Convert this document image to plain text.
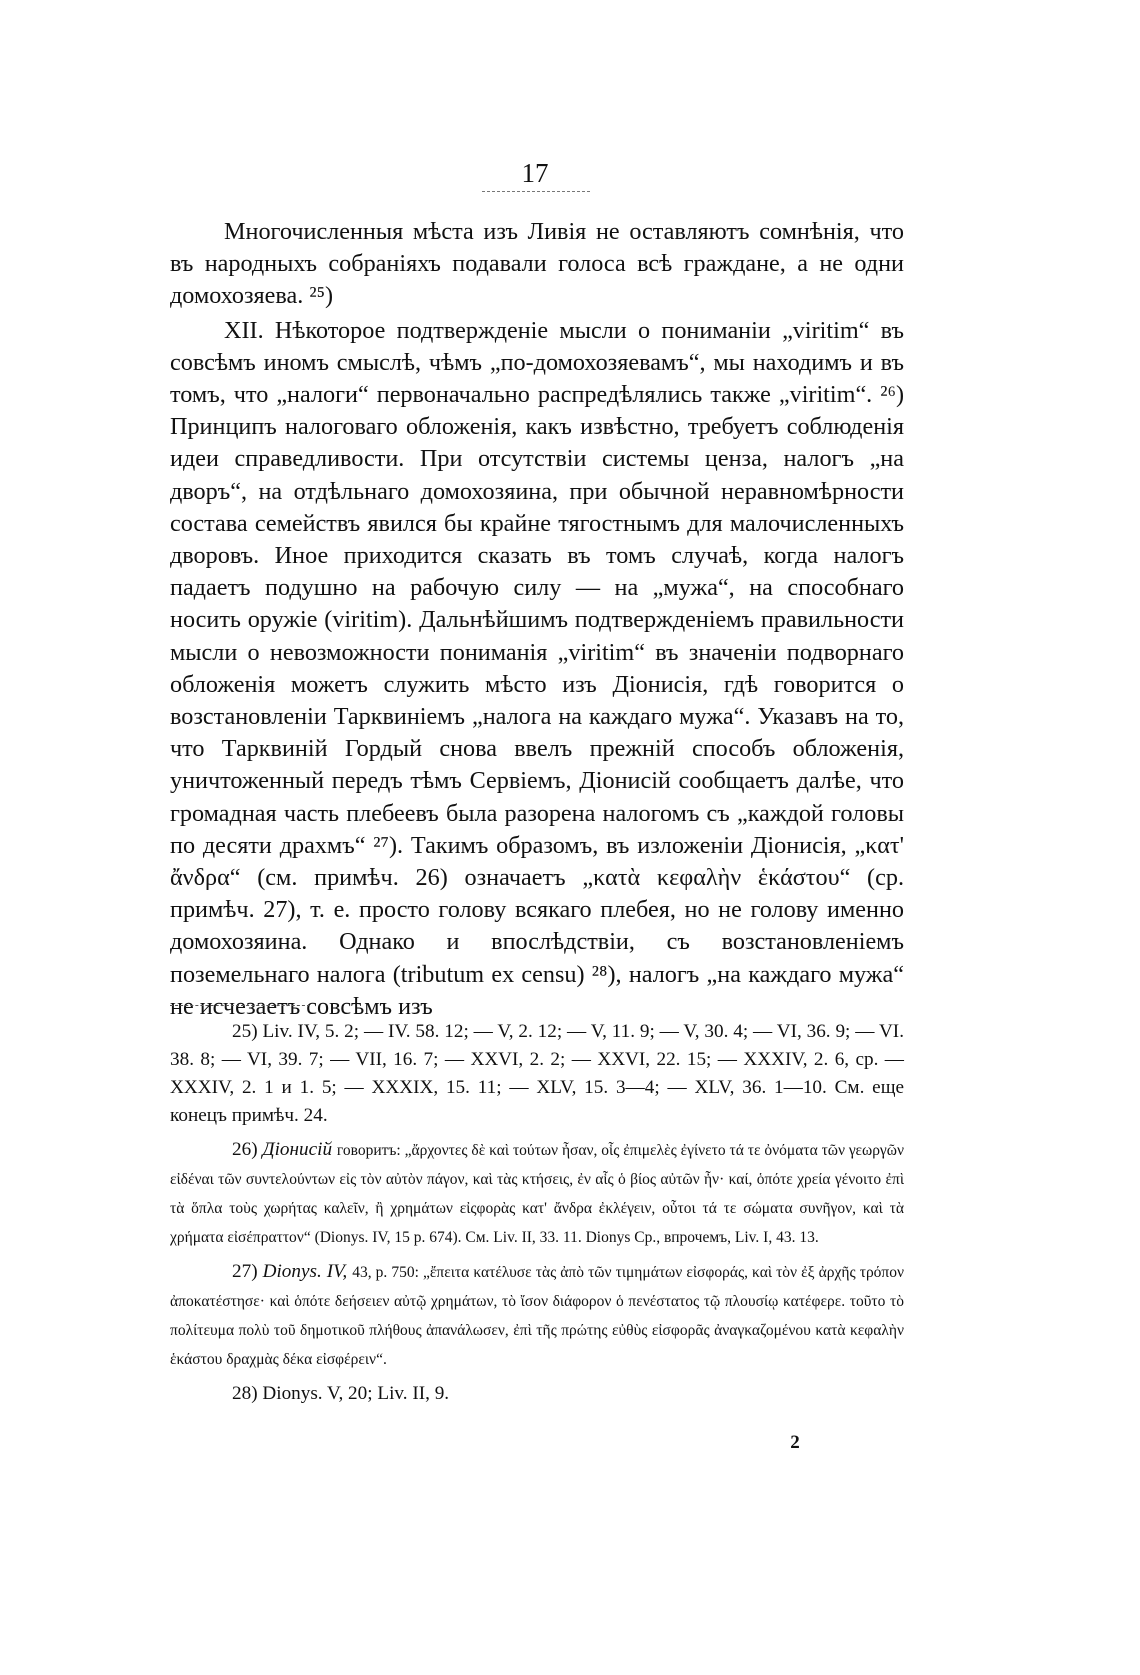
17

Многочисленныя мѣста изъ Ливія не оставляютъ сомнѣнія, что въ народныхъ собраніяхъ подавали голоса всѣ граждане, а не одни домохозяева. ²⁵)

XII. Нѣкоторое подтвержденіе мысли о пониманіи „viritim“ въ совсѣмъ иномъ смыслѣ, чѣмъ „по-домохозяевамъ“, мы находимъ и въ томъ, что „налоги“ первоначально распредѣлялись также „viritim“. ²⁶) Принципъ налоговаго обложенія, какъ извѣстно, требуетъ соблюденія идеи справедливости. При отсутствіи системы ценза, налогъ „на дворъ“, на отдѣльнаго домохозяина, при обычной неравномѣрности состава семействъ явился бы крайне тягостнымъ для малочисленныхъ дворовъ. Иное приходится сказать въ томъ случаѣ, когда налогъ падаетъ подушно на рабочую силу — на „мужа“, на способнаго носить оружіе (viritim). Дальнѣйшимъ подтвержденіемъ правильности мысли о невозможности пониманія „viritim“ въ значеніи подворнаго обложенія можетъ служить мѣсто изъ Діонисія, гдѣ говорится о возстановленіи Тарквиніемъ „налога на каждаго мужа“. Указавъ на то, что Тарквиній Гордый снова ввелъ прежній способъ обложенія, уничтоженный передъ тѣмъ Сервіемъ, Діонисій сообщаетъ далѣе, что громадная часть плебеевъ была разорена налогомъ съ „каждой головы по десяти драхмъ“ ²⁷). Такимъ образомъ, въ изложеніи Діонисія, „κατ' ἄνδρα“ (см. примѣч. 26) означаетъ „κατὰ κεφαλὴν ἑκάστου“ (ср. примѣч. 27), т. е. просто голову всякаго плебея, но не голову именно домохозяина. Однако и впослѣдствіи, съ возстановленіемъ поземельнаго налога (tributum ex censu) ²⁸), налогъ „на каждаго мужа“ не исчезаетъ совсѣмъ изъ

25) Liv. IV, 5. 2; — IV. 58. 12; — V, 2. 12; — V, 11. 9; — V, 30. 4; — VI, 36. 9; — VI. 38. 8; — VI, 39. 7; — VII, 16. 7; — XXVI, 2. 2; — XXVI, 22. 15; — XXXIV, 2. 6, ср. — XXXIV, 2. 1 и 1. 5; — XXXIX, 15. 11; — XLV, 15. 3—4; — XLV, 36. 1—10. См. еще конецъ примѣч. 24.

26) Діонисій говоритъ: „ἄρχοντες δὲ καὶ τούτων ἦσαν, οἷς ἐπιμελὲς ἐγίνετο τά τε ὀνόματα τῶν γεωργῶν εἰδέναι τῶν συντελούντων εἰς τὸν αὐτὸν πάγον, καὶ τὰς κτήσεις, ἐν αἷς ὁ βίος αὐτῶν ἦν· καί, ὁπότε χρεία γένοιτο ἐπὶ τὰ ὅπλα τοὺς χωρήτας καλεῖν, ἢ χρημάτων εἰςφορὰς κατ' ἄνδρα ἐκλέγειν, οὗτοι τά τε σώματα συνῆγον, καὶ τὰ χρήματα εἰσέπραττον“ (Dionys. IV, 15 p. 674). См. Liv. II, 33. 11. Dionys Ср., впрочемъ, Liv. I, 43. 13.

27) Dionys. IV, 43, p. 750: „ἔπειτα κατέλυσε τὰς ἀπὸ τῶν τιμημάτων εἰσφοράς, καὶ τὸν ἐξ ἀρχῆς τρόπον ἀποκατέστησε· καὶ ὁπότε δεήσειεν αὐτῷ χρημάτων, τὸ ἴσον διάφορον ὁ πενέστατος τῷ πλουσίῳ κατέφερε. τοῦτο τὸ πολίτευμα πολὺ τοῦ δημοτικοῦ πλήθους ἀπανάλωσεν, ἐπὶ τῆς πρώτης εὐθὺς εἰσφορᾶς ἀναγκαζομένου κατὰ κεφαλὴν ἑκάστου δραχμὰς δέκα εἰσφέρειν“.

28) Dionys. V, 20; Liv. II, 9.

2
